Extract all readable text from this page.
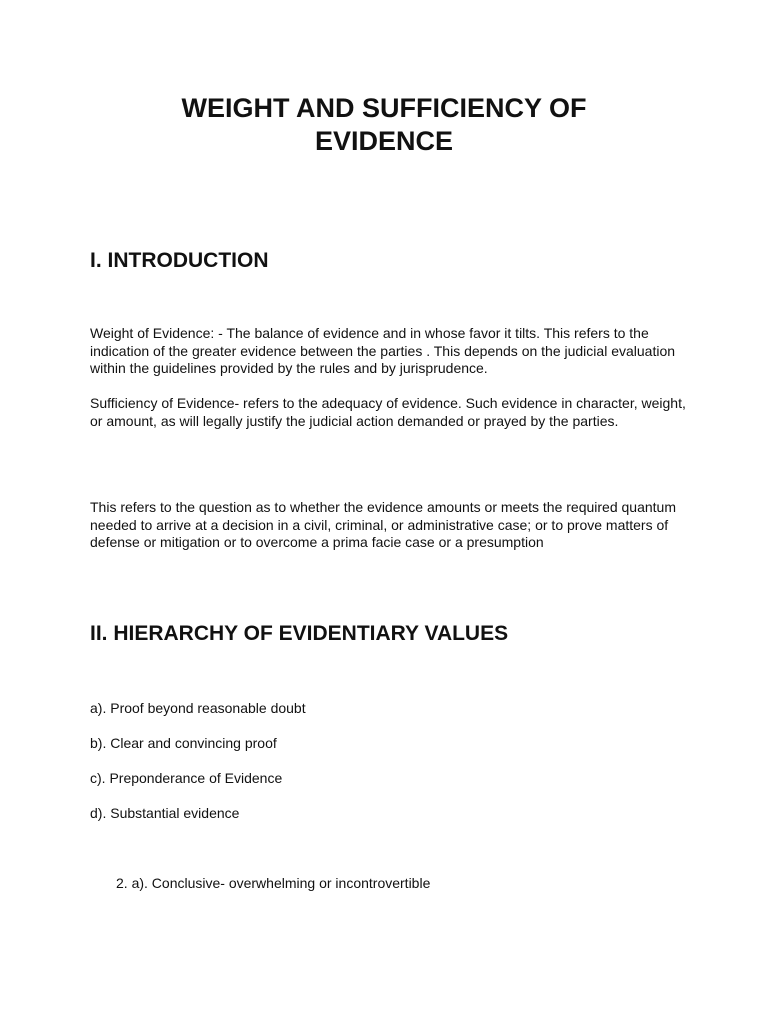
WEIGHT AND SUFFICIENCY OF
EVIDENCE
I. INTRODUCTION

Weight of Evidence: - The balance of evidence and in whose favor it tilts. This refers to the indication of the greater evidence between the parties . This depends on the judicial evaluation within the guidelines provided by the rules and by jurisprudence.

Sufficiency of Evidence- refers to the adequacy of evidence. Such evidence in character, weight, or amount, as will legally justify the judicial action demanded or prayed by the parties.

This refers to the question as to whether the evidence amounts or meets the required quantum needed to arrive at a decision in a civil, criminal, or administrative case; or to prove matters of defense or mitigation or to overcome a prima facie case or a presumption

II. HIERARCHY OF EVIDENTIARY VALUES

a). Proof beyond reasonable doubt

b). Clear and convincing proof

c). Preponderance of Evidence

d). Substantial evidence

2. a). Conclusive- overwhelming or incontrovertible
